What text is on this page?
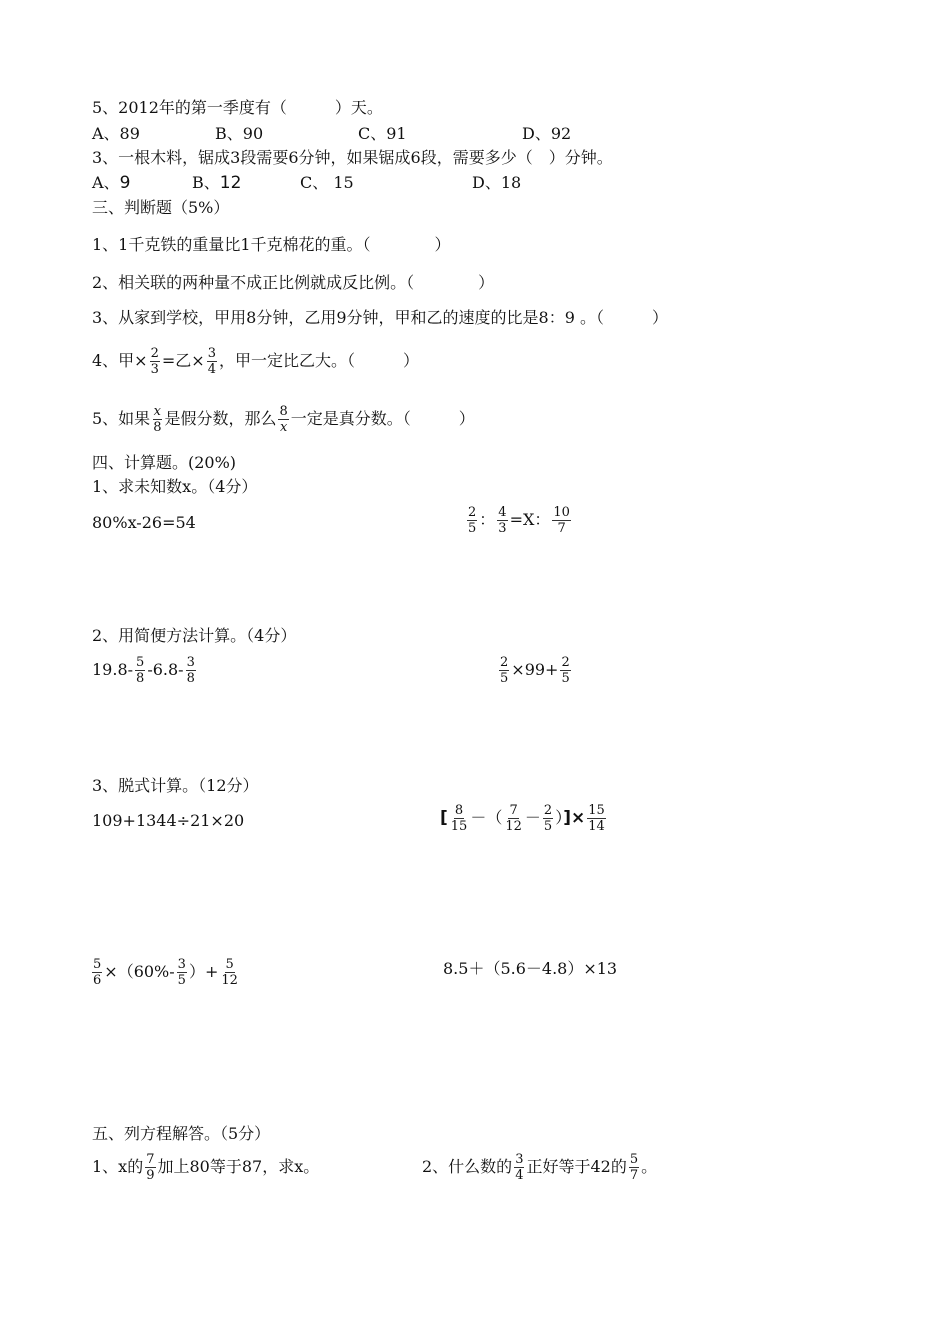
5、2012年的第一季度有（　　　）天。
A、89	B、90	C、91	D、92
3、一根木料，锯成3段需要6分钟，如果锯成6段，需要多少（　）分钟。
A、9	B、12	C、 15	D、18
三、判断题（5%）
1、1千克铁的重量比1千克棉花的重。（　　　　）
2、相关联的两种量不成正比例就成反比例。（　　　　）
3、从家到学校，甲用8分钟，乙用9分钟，甲和乙的速度的比是8：9 。（　　　）
4、甲× $\frac{2}{3}$ =乙× $\frac{3}{4}$ ，甲一定比乙大。（　　　）
5、如果 $\frac{x}{8}$ 是假分数，那么 $\frac{8}{x}$ 一定是真分数。（　　　）
四、计算题。(20%)
1、求未知数x。（4分）
80%x-26=54	$\frac{2}{5}$ ： $\frac{4}{3} =X$： $\frac{10}{7}$
2、用简便方法计算。（4分）
$19.8- \frac{5}{8} -6.8- \frac{3}{8}$	$\frac{2}{5} \times 99+ \frac{2}{5}$
3、脱式计算。（12分）
109+1344÷21×20	[ $\frac{8}{15}$ －（ $\frac{7}{12} - \frac{2}{5}$ ）]× $\frac{15}{14}$
$\frac{5}{6} \times(60\%- \frac{3}{5}$ ）+ $\frac{5}{12}$	8.5＋（5.6－4.8）×13
五、列方程解答。（5分）
1、x的 $\frac{7}{9}$ 加上80等于87，求x。	2、什么数的 $\frac{3}{4}$ 正好等于42的 $\frac{5}{7}$ 。
